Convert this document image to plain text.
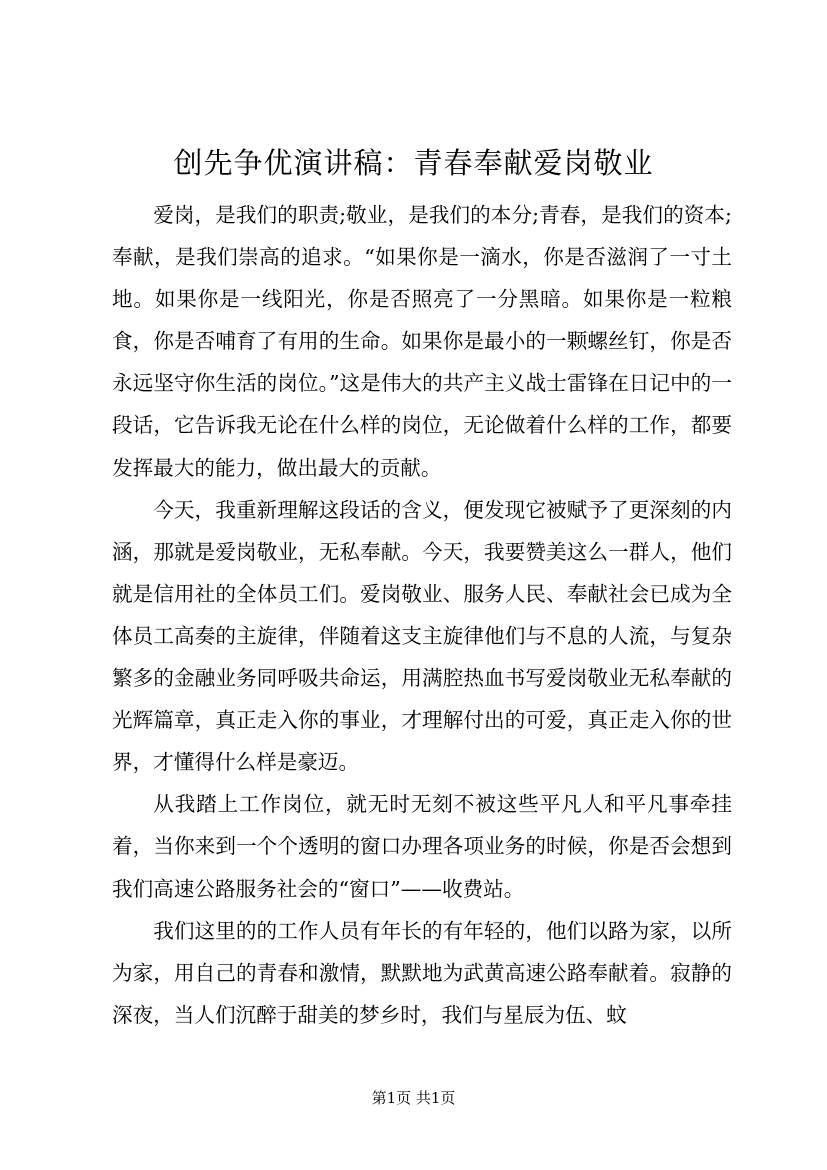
创先争优演讲稿：青春奉献爱岗敬业

爱岗，是我们的职责;敬业，是我们的本分;青春，是我们的资本;奉献，是我们崇高的追求。“如果你是一滴水，你是否滋润了一寸土地。如果你是一线阳光，你是否照亮了一分黑暗。如果你是一粒粮食，你是否哺育了有用的生命。如果你是最小的一颗螺丝钉，你是否永远坚守你生活的岗位。”这是伟大的共产主义战士雷锋在日记中的一段话，它告诉我无论在什么样的岗位，无论做着什么样的工作，都要发挥最大的能力，做出最大的贡献。

今天，我重新理解这段话的含义，便发现它被赋予了更深刻的内涵，那就是爱岗敬业，无私奉献。今天，我要赞美这么一群人，他们就是信用社的全体员工们。爱岗敬业、服务人民、奉献社会已成为全体员工高奏的主旋律，伴随着这支主旋律他们与不息的人流，与复杂繁多的金融业务同呼吸共命运，用满腔热血书写爱岗敬业无私奉献的光辉篇章，真正走入你的事业，才理解付出的可爱，真正走入你的世界，才懂得什么样是豪迈。

从我踏上工作岗位，就无时无刻不被这些平凡人和平凡事牵挂着，当你来到一个个透明的窗口办理各项业务的时候，你是否会想到我们高速公路服务社会的“窗口”——收费站。

我们这里的的工作人员有年长的有年轻的，他们以路为家，以所为家，用自己的青春和激情，默默地为武黄高速公路奉献着。寂静的深夜，当人们沉醉于甜美的梦乡时，我们与星辰为伍、蚊

第1页 共1页
